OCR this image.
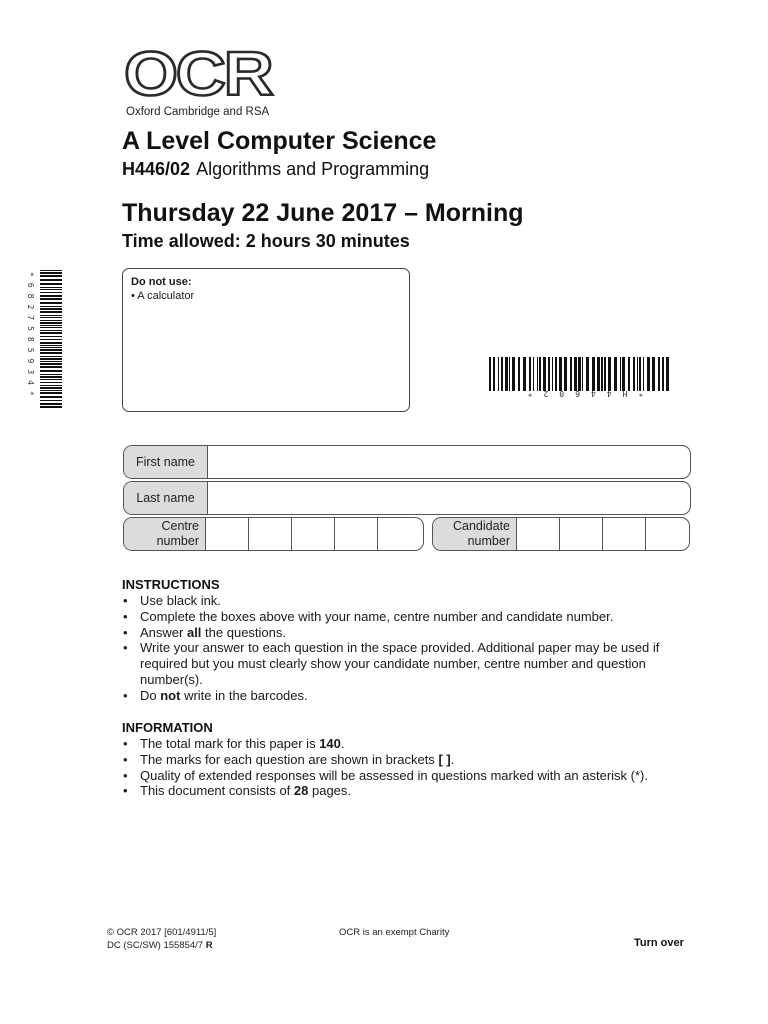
OCR
Oxford Cambridge and RSA
A Level Computer Science
H446/02 Algorithms and Programming
Thursday 22 June 2017 – Morning
Time allowed: 2 hours 30 minutes
*6827585934*	Do not use:
• A calculator
*H44602*
First name
Last name
Centre
number
Candidate
number
INSTRUCTIONS
• Use black ink.
• Complete the boxes above with your name, centre number and candidate number.
• Answer all the questions.
• Write your answer to each question in the space provided. Additional paper may be used if required but you must clearly show your candidate number, centre number and question number(s).
• Do not write in the barcodes.
INFORMATION
• The total mark for this paper is 140.
• The marks for each question are shown in brackets [ ].
• Quality of extended responses will be assessed in questions marked with an asterisk (*).
• This document consists of 28 pages.
© OCR 2017 [601/4911/5]
DC (SC/SW) 155854/7 R
OCR is an exempt Charity
Turn over
